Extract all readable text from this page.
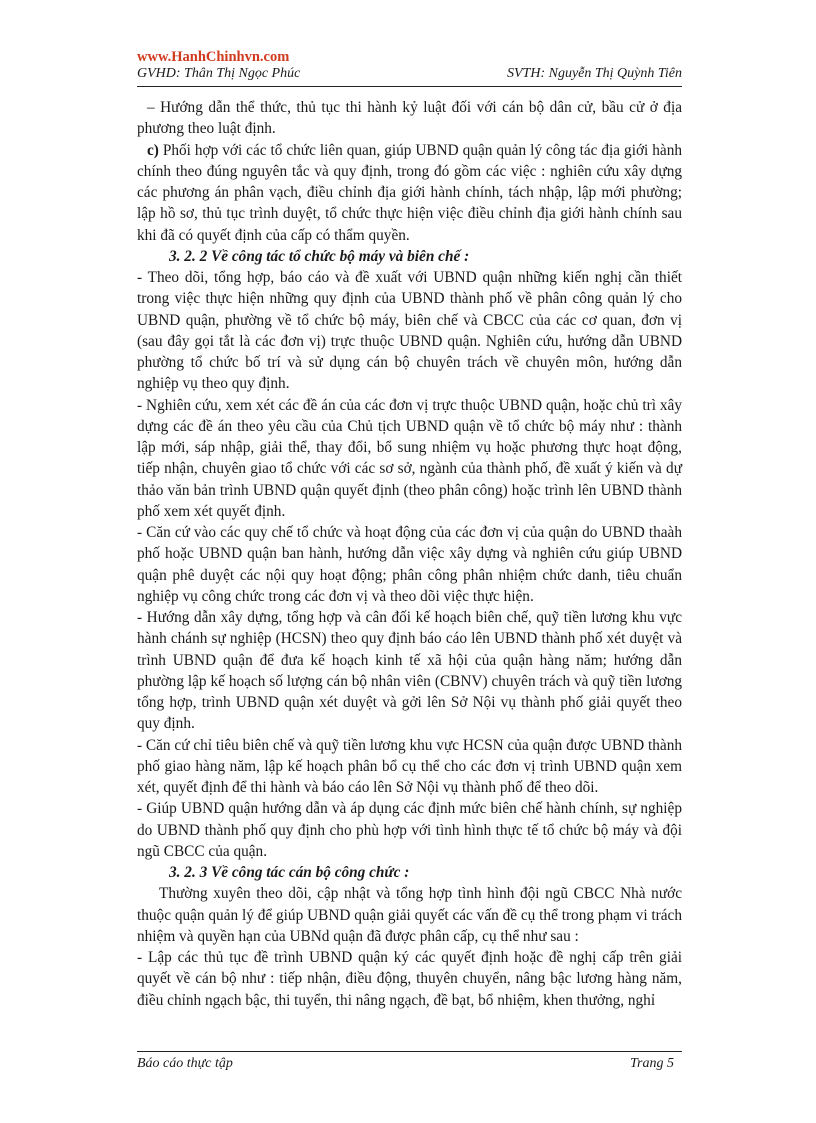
www.HanhChinhvn.com
GVHD: Thân Thị Ngọc Phúc	SVTH: Nguyễn Thị Quỳnh Tiên

– Hướng dẫn thể thức, thủ tục thi hành kỷ luật đối với cán bộ dân cử, bầu cử ở địa phương theo luật định.

c) Phối hợp với các tổ chức liên quan, giúp UBND quận quản lý công tác địa giới hành chính theo đúng nguyên tắc và quy định, trong đó gồm các việc : nghiên cứu xây dựng các phương án phân vạch, điều chỉnh địa giới hành chính, tách nhập, lập mới phường; lập hồ sơ, thủ tục trình duyệt, tổ chức thực hiện việc điều chỉnh địa giới hành chính sau khi đã có quyết định của cấp có thẩm quyền.

3. 2. 2 Về công tác tổ chức bộ máy và biên chế :

- Theo dõi, tổng hợp, báo cáo và đề xuất với UBND quận những kiến nghị cần thiết trong việc thực hiện những quy định của UBND thành phố về phân công quản lý cho UBND quận, phường về tổ chức bộ máy, biên chế và CBCC của các cơ quan, đơn vị (sau đây gọi tắt là các đơn vị) trực thuộc UBND quận. Nghiên cứu, hướng dẫn UBND phường tổ chức bố trí và sử dụng cán bộ chuyên trách về chuyên môn, hướng dẫn nghiệp vụ theo quy định.

- Nghiên cứu, xem xét các đề án của các đơn vị trực thuộc UBND quận, hoặc chủ trì xây dựng các đề án theo yêu cầu của Chủ tịch UBND quận về tổ chức bộ máy như : thành lập mới, sáp nhập, giải thể, thay đổi, bổ sung nhiệm vụ hoặc phương thực hoạt động, tiếp nhận, chuyên giao tổ chức với các sơ sở, ngành của thành phố, đề xuất ý kiến và dự thảo văn bản trình UBND quận quyết định (theo phân công) hoặc trình lên UBND thành phố xem xét quyết định.

- Căn cứ vào các quy chế tổ chức và hoạt động của các đơn vị của quận do UBND thaàh phố hoặc UBND quận ban hành, hướng dẫn việc xây dựng và nghiên cứu giúp UBND quận phê duyệt các nội quy hoạt động; phân công phân nhiệm chức danh, tiêu chuẩn nghiệp vụ công chức trong các đơn vị và theo dõi việc thực hiện.

- Hướng dẫn xây dựng, tổng hợp và cân đối kế hoạch biên chế, quỹ tiền lương khu vực hành chánh sự nghiệp (HCSN) theo quy định báo cáo lên UBND thành phố xét duyệt và trình UBND quận để đưa kế hoạch kinh tế xã hội của quận hàng năm; hướng dẫn phường lập kế hoạch số lượng cán bộ nhân viên (CBNV) chuyên trách và quỹ tiền lương tổng hợp, trình UBND quận xét duyệt và gởi lên Sở Nội vụ thành phố giải quyết theo quy định.

- Căn cứ chỉ tiêu biên chế và quỹ tiền lương khu vực HCSN của quận được UBND thành phố giao hàng năm, lập kế hoạch phân bổ cụ thể cho các đơn vị trình UBND quận xem xét, quyết định để thi hành và báo cáo lên Sở Nội vụ thành phố để theo dõi.

- Giúp UBND quận hướng dẫn và áp dụng các định mức biên chế hành chính, sự nghiệp do UBND thành phố quy định cho phù hợp với tình hình thực tế tổ chức bộ máy và đội ngũ CBCC của quận.

3. 2. 3 Về công tác cán bộ công chức :

Thường xuyên theo dõi, cập nhật và tổng hợp tình hình đội ngũ CBCC Nhà nước thuộc quận quản lý để giúp UBND quận giải quyết các vấn đề cụ thể trong phạm vi trách nhiệm và quyền hạn của UBNd quận đã được phân cấp, cụ thể như sau :

- Lập các thủ tục đề trình UBND quận ký các quyết định hoặc đề nghị cấp trên giải quyết về cán bộ như : tiếp nhận, điều động, thuyên chuyển, nâng bậc lương hàng năm, điều chỉnh ngạch bậc, thi tuyển, thi nâng ngạch, đề bạt, bổ nhiệm, khen thưởng, nghỉ

Báo cáo thực tập	Trang 5
